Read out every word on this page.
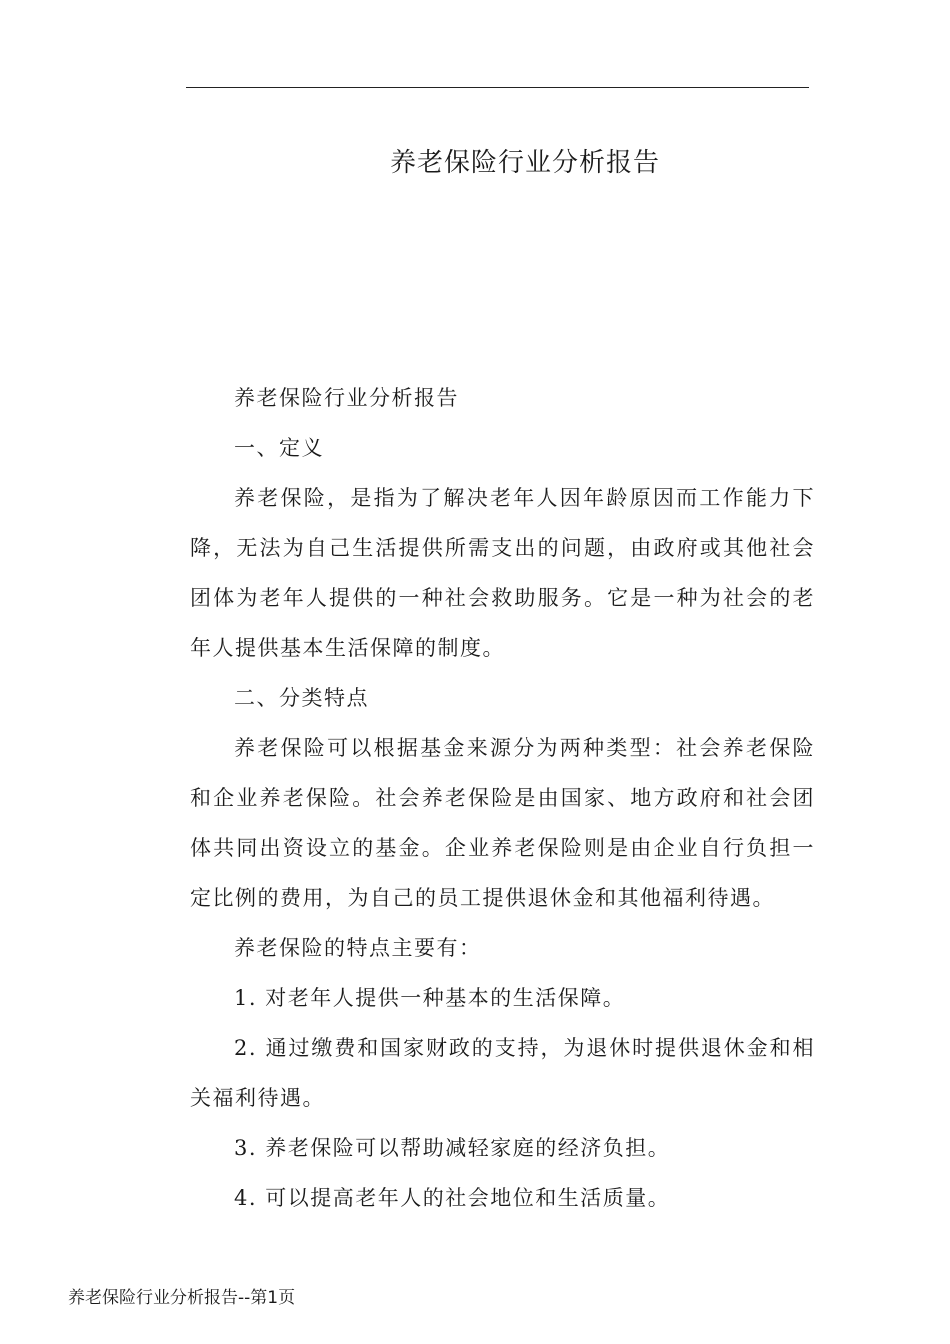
养老保险行业分析报告

养老保险行业分析报告

一、定义

养老保险，是指为了解决老年人因年龄原因而工作能力下降，无法为自己生活提供所需支出的问题，由政府或其他社会团体为老年人提供的一种社会救助服务。它是一种为社会的老年人提供基本生活保障的制度。

二、分类特点

养老保险可以根据基金来源分为两种类型：社会养老保险和企业养老保险。社会养老保险是由国家、地方政府和社会团体共同出资设立的基金。企业养老保险则是由企业自行负担一定比例的费用，为自己的员工提供退休金和其他福利待遇。

养老保险的特点主要有：

1. 对老年人提供一种基本的生活保障。

2. 通过缴费和国家财政的支持，为退休时提供退休金和相关福利待遇。

3. 养老保险可以帮助减轻家庭的经济负担。

4. 可以提高老年人的社会地位和生活质量。

养老保险行业分析报告--第1页
